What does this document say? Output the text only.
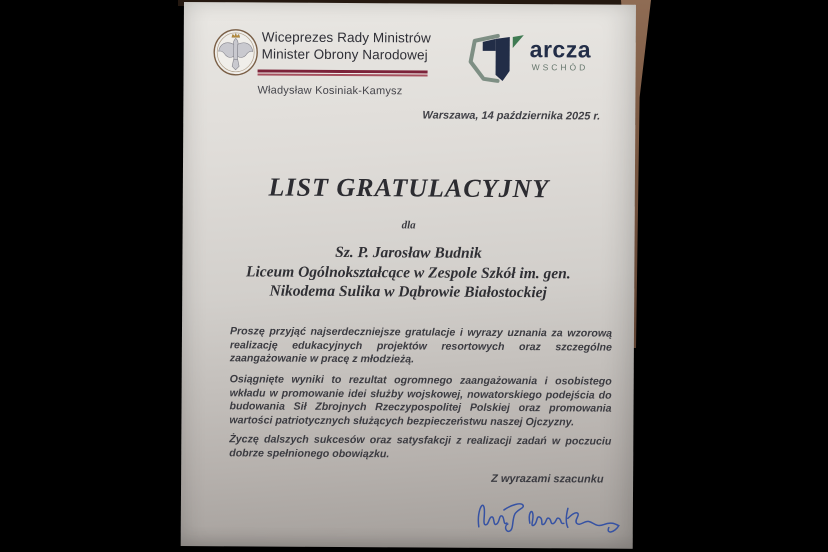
Wiceprezes Rady Ministrów
Minister Obrony Narodowej
Władysław Kosiniak-Kamysz
arcza
WSCHÓD
Warszawa, 14 października 2025 r.
LIST GRATULACYJNY
dla
Sz. P. Jarosław Budnik
Liceum Ogólnokształcące w Zespole Szkół im. gen.
Nikodema Sulika w Dąbrowie Białostockiej
Proszę przyjąć najserdeczniejsze gratulacje i wyrazy uznania za wzorową realizację edukacyjnych projektów resortowych oraz szczególne zaangażowanie w pracę z młodzieżą.
Osiągnięte wyniki to rezultat ogromnego zaangażowania i osobistego wkładu w promowanie idei służby wojskowej, nowatorskiego podejścia do budowania Sił Zbrojnych Rzeczypospolitej Polskiej oraz promowania wartości patriotycznych służących bezpieczeństwu naszej Ojczyzny.
Życzę dalszych sukcesów oraz satysfakcji z realizacji zadań w poczuciu dobrze spełnionego obowiązku.
Z wyrazami szacunku
